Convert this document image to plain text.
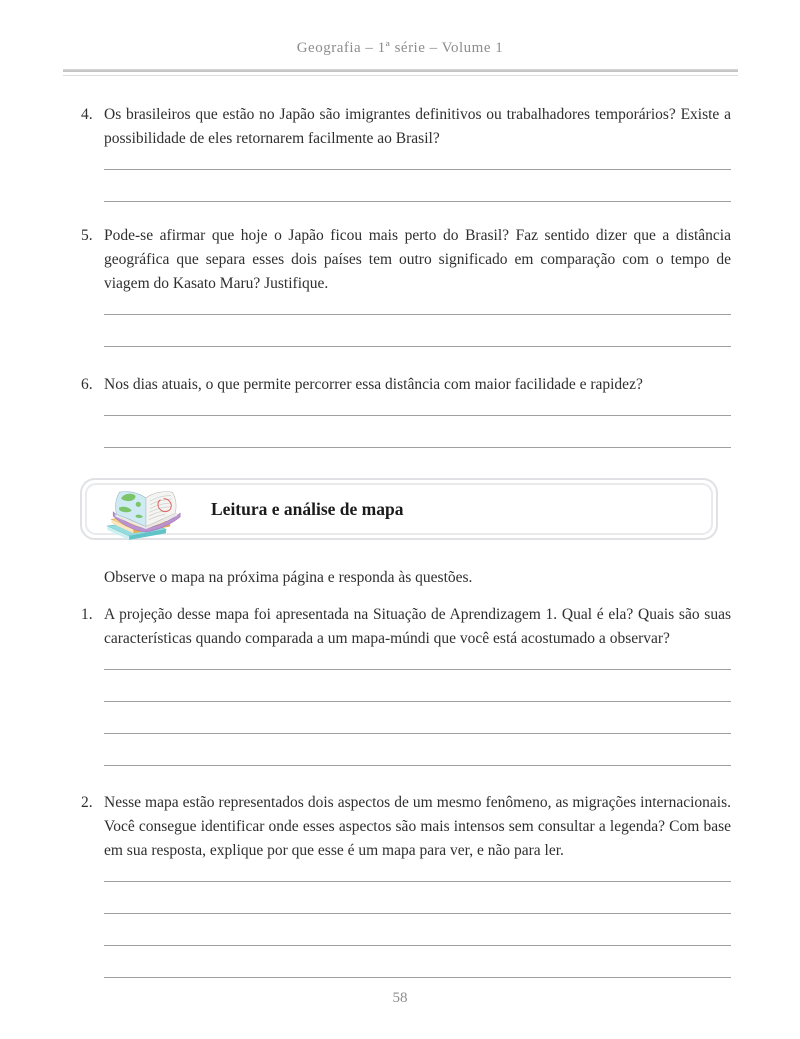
Geografia – 1ª série – Volume 1
4. Os brasileiros que estão no Japão são imigrantes definitivos ou trabalhadores temporários? Existe a possibilidade de eles retornarem facilmente ao Brasil?
5. Pode-se afirmar que hoje o Japão ficou mais perto do Brasil? Faz sentido dizer que a distância geográfica que separa esses dois países tem outro significado em comparação com o tempo de viagem do Kasato Maru? Justifique.
6. Nos dias atuais, o que permite percorrer essa distância com maior facilidade e rapidez?
Leitura e análise de mapa
Observe o mapa na próxima página e responda às questões.
1. A projeção desse mapa foi apresentada na Situação de Aprendizagem 1. Qual é ela? Quais são suas características quando comparada a um mapa-múndi que você está acostumado a observar?
2. Nesse mapa estão representados dois aspectos de um mesmo fenômeno, as migrações internacionais. Você consegue identificar onde esses aspectos são mais intensos sem consultar a legenda? Com base em sua resposta, explique por que esse é um mapa para ver, e não para ler.
58
